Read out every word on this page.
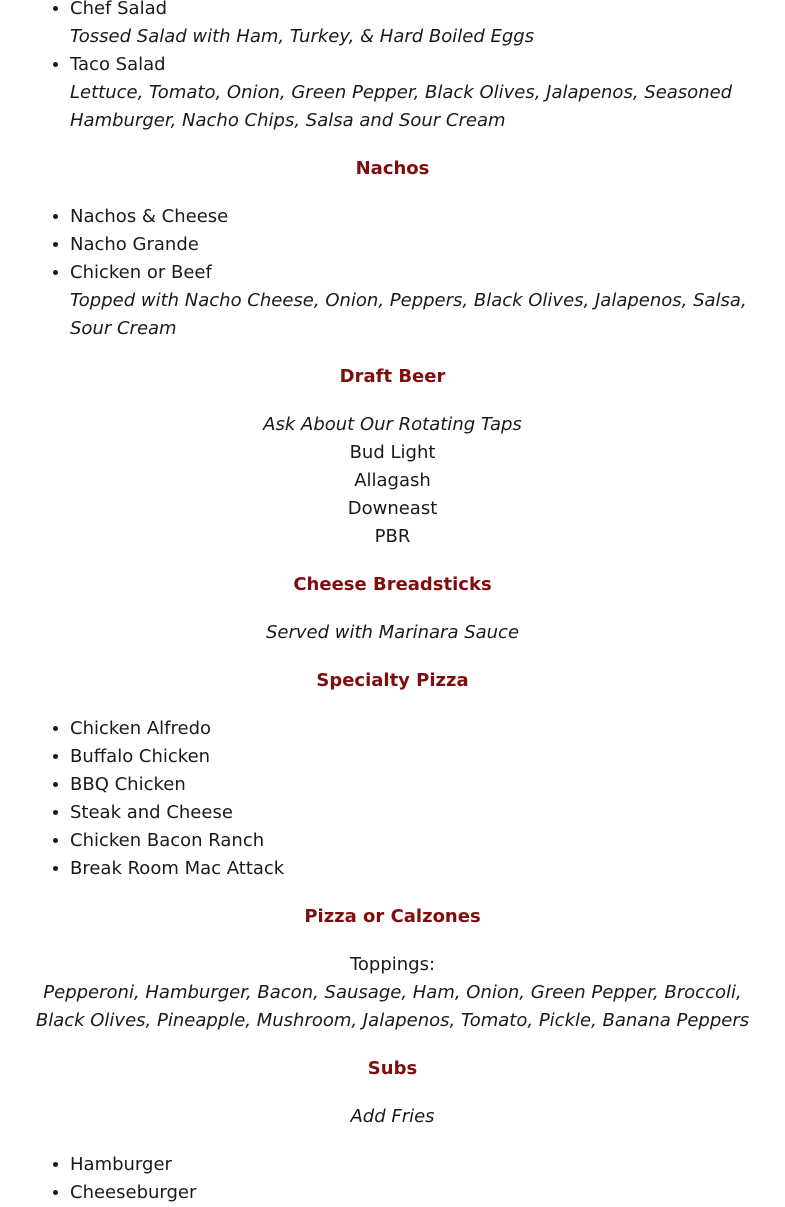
• Chef Salad
Tossed Salad with Ham, Turkey, & Hard Boiled Eggs
• Taco Salad
Lettuce, Tomato, Onion, Green Pepper, Black Olives, Jalapenos, Seasoned Hamburger, Nacho Chips, Salsa and Sour Cream
Nachos
• Nachos & Cheese
• Nacho Grande
• Chicken or Beef
Topped with Nacho Cheese, Onion, Peppers, Black Olives, Jalapenos, Salsa, Sour Cream
Draft Beer
Ask About Our Rotating Taps
Bud Light
Allagash
Downeast
PBR
Cheese Breadsticks
Served with Marinara Sauce
Specialty Pizza
• Chicken Alfredo
• Buffalo Chicken
• BBQ Chicken
• Steak and Cheese
• Chicken Bacon Ranch
• Break Room Mac Attack
Pizza or Calzones
Toppings:
Pepperoni, Hamburger, Bacon, Sausage, Ham, Onion, Green Pepper, Broccoli, Black Olives, Pineapple, Mushroom, Jalapenos, Tomato, Pickle, Banana Peppers
Subs
Add Fries
• Hamburger
• Cheeseburger
